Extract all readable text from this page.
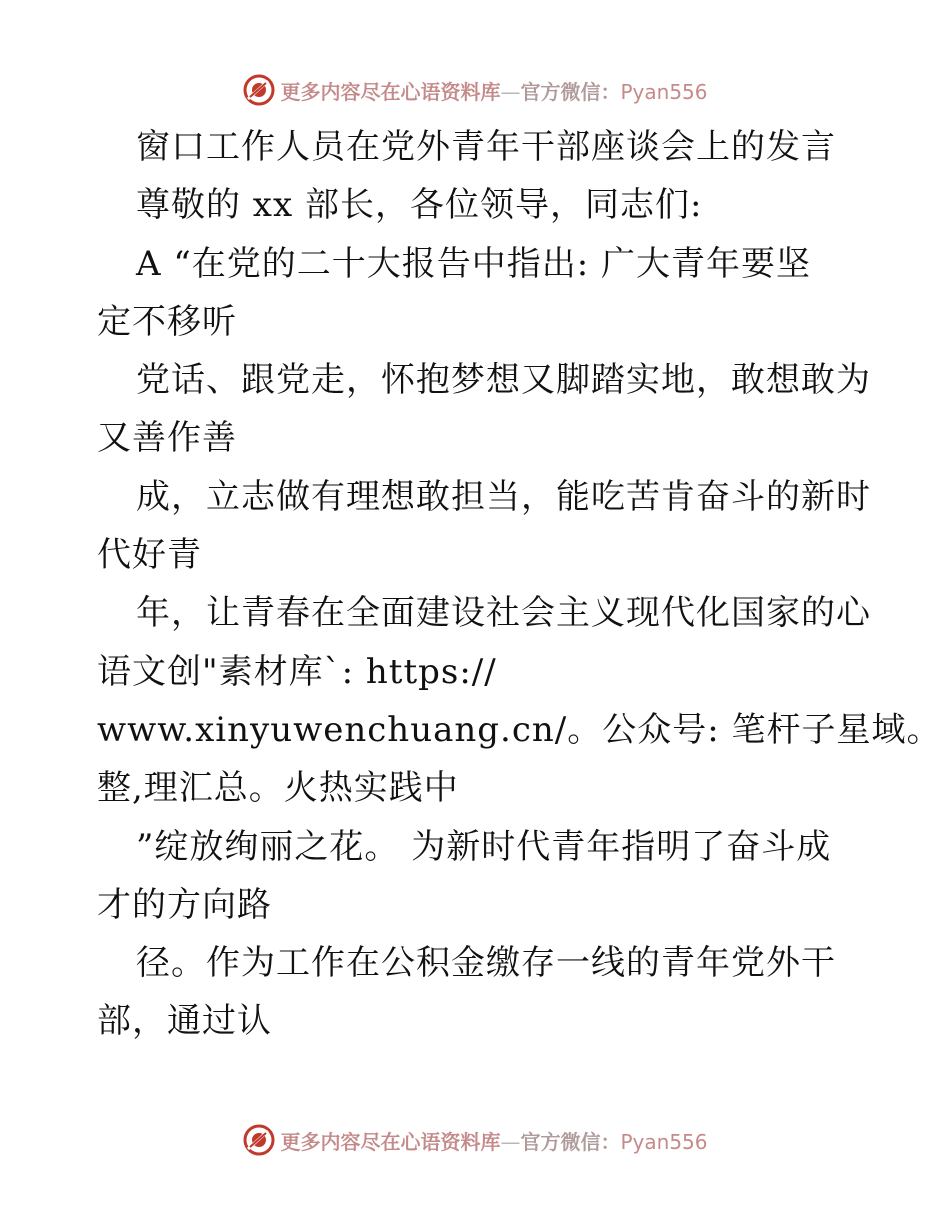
更多内容尽在心语资料库—官方微信：Pyan556
窗口工作人员在党外青年干部座谈会上的发言
尊敬的 xx 部长，各位领导，同志们:
A “在党的二十大报告中指出: 广大青年要坚
定不移听
党话、跟党走，怀抱梦想又脚踏实地，敢想敢为
又善作善
成，立志做有理想敢担当，能吃苦肯奋斗的新时
代好青
年，让青春在全面建设社会主义现代化国家的心
语文创"素材库`: https://
www.xinyuwenchuang.cn/。公众号: 笔杆子星域。
整,理汇总。火热实践中
”绽放绚丽之花。 为新时代青年指明了奋斗成
才的方向路
径。作为工作在公积金缴存一线的青年党外干
部，通过认
更多内容尽在心语资料库—官方微信：Pyan556
